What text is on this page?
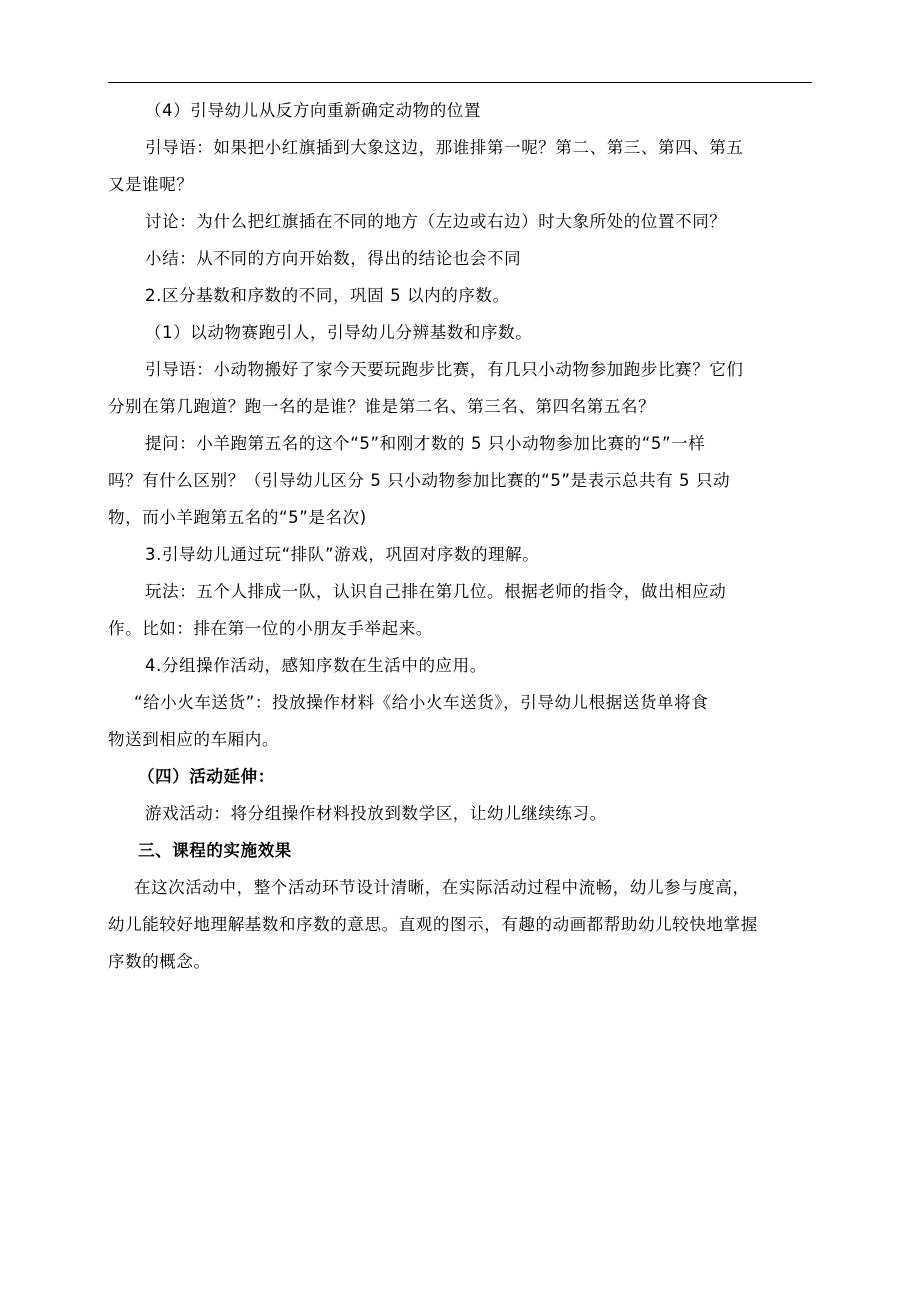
（4）引导幼儿从反方向重新确定动物的位置

引导语：如果把小红旗插到大象这边，那谁排第一呢？第二、第三、第四、第五
又是谁呢？

讨论：为什么把红旗插在不同的地方（左边或右边）时大象所处的位置不同？

小结：从不同的方向开始数，得出的结论也会不同

2.区分基数和序数的不同，巩固 5 以内的序数。

（1）以动物赛跑引人，引导幼儿分辨基数和序数。

引导语：小动物搬好了家今天要玩跑步比赛，有几只小动物参加跑步比赛？它们
分别在第几跑道？跑一名的是谁？谁是第二名、第三名、第四名第五名？

提问：小羊跑第五名的这个“5”和刚才数的 5 只小动物参加比赛的“5”一样
吗？有什么区别？（引导幼儿区分 5 只小动物参加比赛的“5”是表示总共有 5 只动
物，而小羊跑第五名的“5”是名次)

3.引导幼儿通过玩“排队”游戏，巩固对序数的理解。

玩法：五个人排成一队，认识自己排在第几位。根据老师的指令，做出相应动
作。比如：排在第一位的小朋友手举起来。

4.分组操作活动，感知序数在生活中的应用。

“给小火车送货”：投放操作材料《给小火车送货》，引导幼儿根据送货单将食
物送到相应的车厢内。

（四）活动延伸：

游戏活动：将分组操作材料投放到数学区，让幼儿继续练习。

三、课程的实施效果

在这次活动中，整个活动环节设计清晰，在实际活动过程中流畅，幼儿参与度高，
幼儿能较好地理解基数和序数的意思。直观的图示，有趣的动画都帮助幼儿较快地掌握
序数的概念。
